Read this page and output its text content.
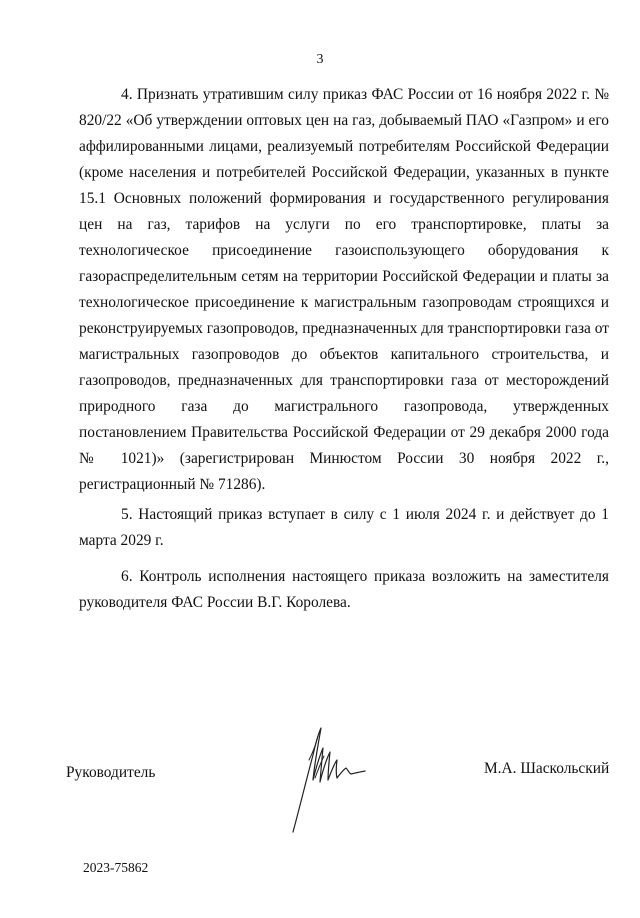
3

4. Признать утратившим силу приказ ФАС России от 16 ноября 2022 г. № 820/22 «Об утверждении оптовых цен на газ, добываемый ПАО «Газпром» и его аффилированными лицами, реализуемый потребителям Российской Федерации (кроме населения и потребителей Российской Федерации, указанных в пункте 15.1 Основных положений формирования и государственного регулирования цен на газ, тарифов на услуги по его транспортировке, платы за технологическое присоединение газоиспользующего оборудования к газораспределительным сетям на территории Российской Федерации и платы за технологическое присоединение к магистральным газопроводам строящихся и реконструируемых газопроводов, предназначенных для транспортировки газа от магистральных газопроводов до объектов капитального строительства, и газопроводов, предназначенных для транспортировки газа от месторождений природного газа до магистрального газопровода, утвержденных постановлением Правительства Российской Федерации от 29 декабря 2000 года № 1021)» (зарегистрирован Минюстом России 30 ноября 2022 г., регистрационный № 71286).

5. Настоящий приказ вступает в силу с 1 июля 2024 г. и действует до 1 марта 2029 г.

6. Контроль исполнения настоящего приказа возложить на заместителя руководителя ФАС России В.Г. Королева.

Руководитель	М.А. Шаскольский
2023-75862
